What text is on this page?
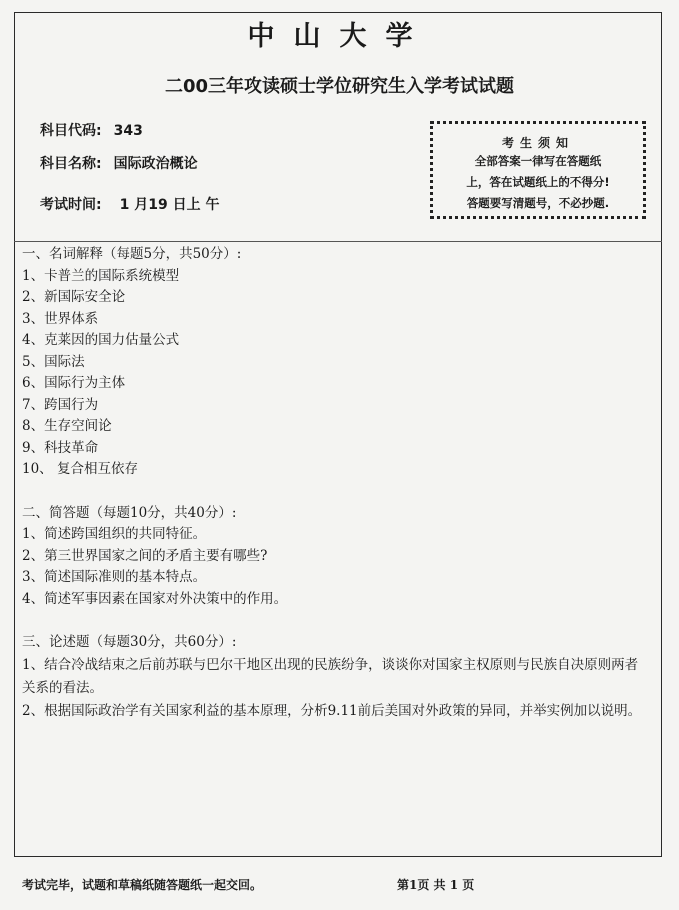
中山大学
二00三年攻读硕士学位研究生入学考试试题
科目代码: 343
科目名称: 国际政治概论
考试时间: 1 月19 日上 午
考生须知
全部答案一律写在答题纸
上，答在试题纸上的不得分!
答题要写清题号，不必抄题.

一、名词解释（每题5分，共50分）:

1、卡普兰的国际系统模型

2、新国际安全论

3、世界体系

4、克莱因的国力估量公式

5、国际法

6、国际行为主体

7、跨国行为

8、生存空间论

9、科技革命

10、 复合相互依存

二、简答题（每题10分，共40分）:

1、简述跨国组织的共同特征。

2、第三世界国家之间的矛盾主要有哪些?

3、简述国际准则的基本特点。

4、简述军事因素在国家对外决策中的作用。

三、论述题（每题30分，共60分）:

1、结合冷战结束之后前苏联与巴尔干地区出现的民族纷争，谈谈你对国家主权原则与民族自决原则两者关系的看法。

2、根据国际政治学有关国家利益的基本原理，分析9.11前后美国对外政策的异同，并举实例加以说明。

考试完毕，试题和草稿纸随答题纸一起交回。	第1页 共 1 页
